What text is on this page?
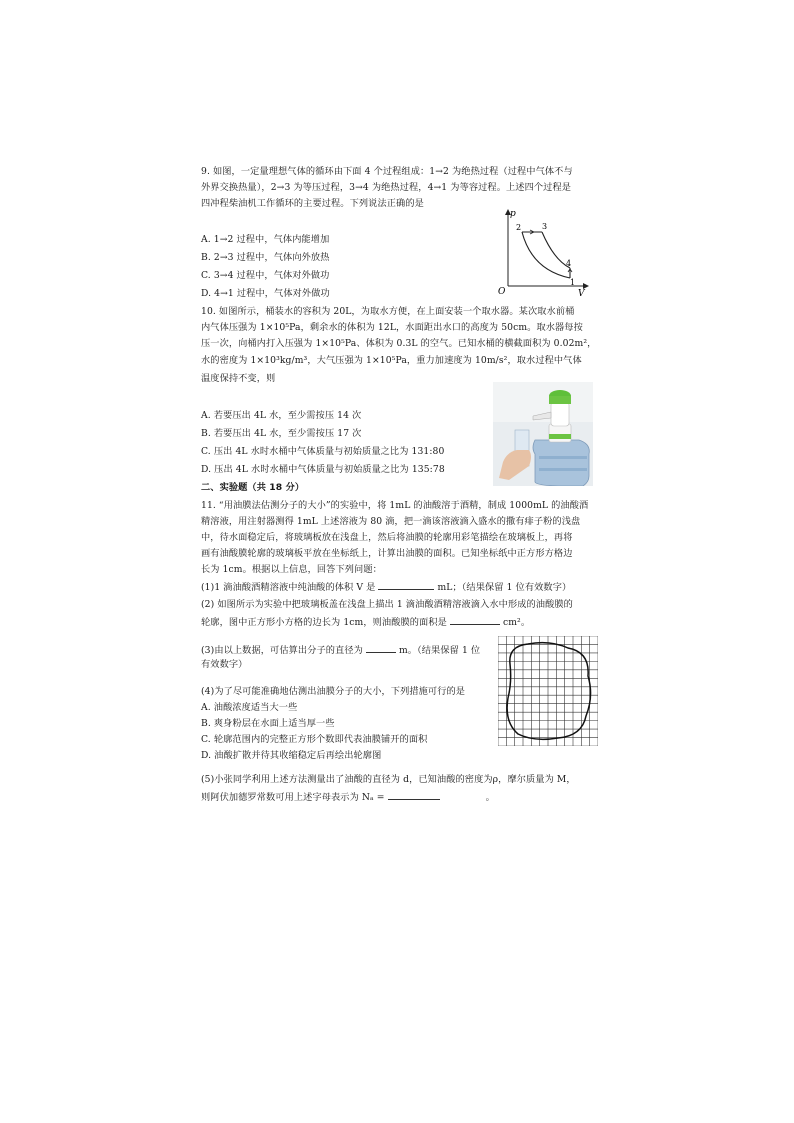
9. 如图，一定量理想气体的循环由下面 4 个过程组成：1→2 为绝热过程（过程中气体不与
外界交换热量），2→3 为等压过程，3→4 为绝热过程，4→1 为等容过程。上述四个过程是
四冲程柴油机工作循环的主要过程。下列说法正确的是
A. 1→2 过程中，气体内能增加
B. 2→3 过程中，气体向外放热
C. 3→4 过程中，气体对外做功
D. 4→1 过程中，气体对外做功
p
V
O
2	3
4
1
10. 如图所示，桶装水的容积为 20L，为取水方便，在上面安装一个取水器。某次取水前桶
内气体压强为 1×10⁵Pa，剩余水的体积为 12L，水面距出水口的高度为 50cm。取水器每按
压一次，向桶内打入压强为 1×10⁵Pa、体积为 0.3L 的空气。已知水桶的横截面积为 0.02m²，
水的密度为 1×10³kg/m³，大气压强为 1×10⁵Pa，重力加速度为 10m/s²，取水过程中气体
温度保持不变，则
A. 若要压出 4L 水，至少需按压 14 次
B. 若要压出 4L 水，至少需按压 17 次
C. 压出 4L 水时水桶中气体质量与初始质量之比为 131:80
D. 压出 4L 水时水桶中气体质量与初始质量之比为 135:78
二、实验题（共 18 分）
11. “用油膜法估测分子的大小”的实验中，将 1mL 的油酸溶于酒精，制成 1000mL 的油酸酒
精溶液，用注射器测得 1mL 上述溶液为 80 滴，把一滴该溶液滴入盛水的撒有痱子粉的浅盘
中，待水面稳定后，将玻璃板放在浅盘上，然后将油膜的轮廓用彩笔描绘在玻璃板上，再将
画有油酸膜轮廓的玻璃板平放在坐标纸上，计算出油膜的面积。已知坐标纸中正方形方格边
长为 1cm。根据以上信息，回答下列问题：
(1)1 滴油酸酒精溶液中纯油酸的体积 V 是	mL；（结果保留 1 位有效数字）
(2) 如图所示为实验中把玻璃板盖在浅盘上描出 1 滴油酸酒精溶液滴入水中形成的油酸膜的
轮廓，图中正方形小方格的边长为 1cm，则油酸膜的面积是	cm²。
(3)由以上数据，可估算出分子的直径为	m。（结果保留 1 位
有效数字）
(4)为了尽可能准确地估测出油膜分子的大小，下列措施可行的是
A. 油酸浓度适当大一些
B. 爽身粉层在水面上适当厚一些
C. 轮廓范围内的完整正方形个数即代表油膜铺开的面积
D. 油酸扩散并待其收缩稳定后再绘出轮廓图
(5)小张同学利用上述方法测量出了油酸的直径为 d，已知油酸的密度为ρ，摩尔质量为 M，
则阿伏加德罗常数可用上述字母表示为 Nₐ =	。
